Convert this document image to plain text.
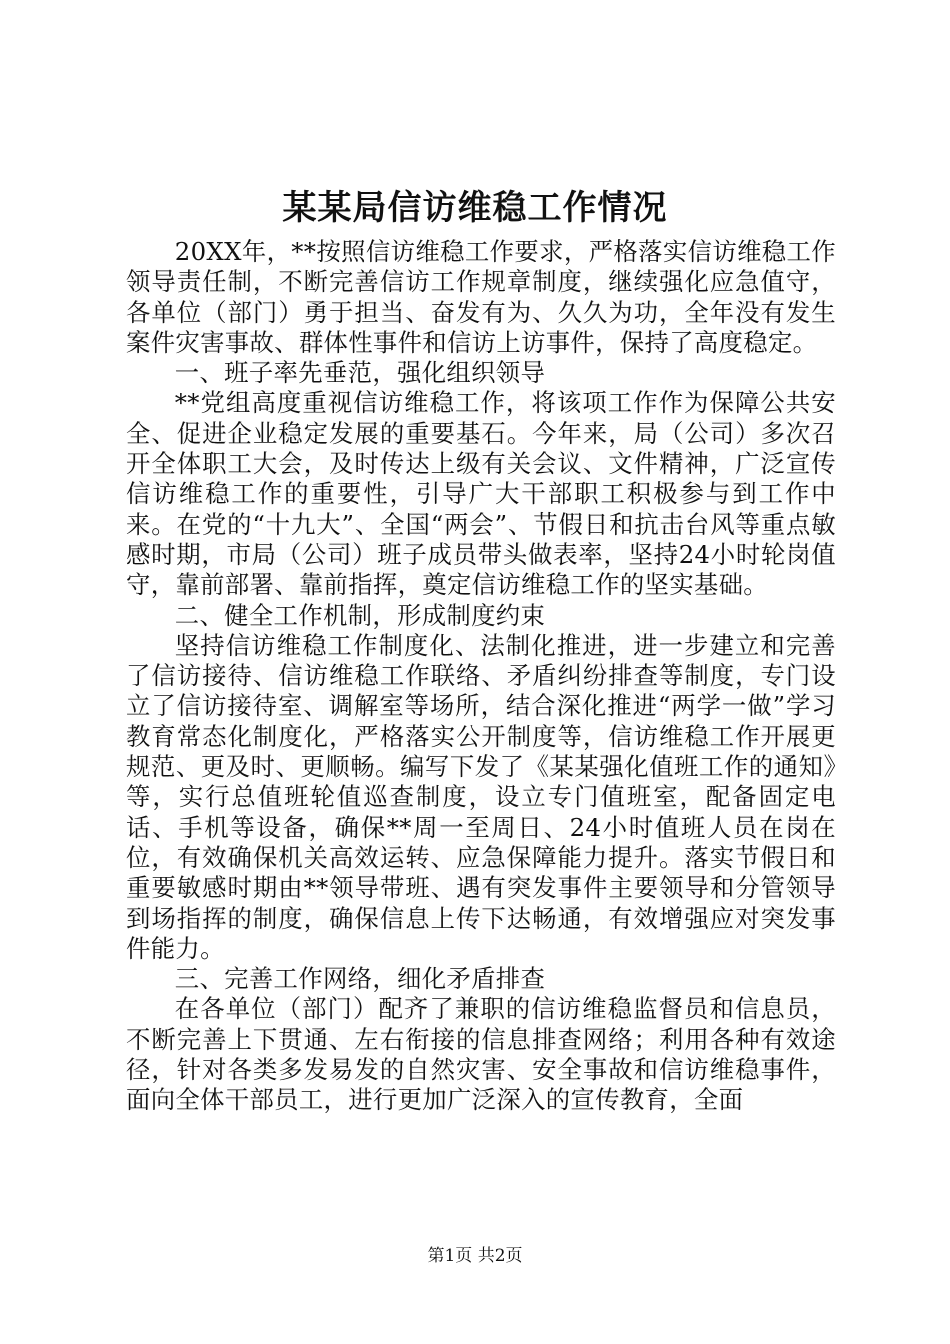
某某局信访维稳工作情况

20XX年，**按照信访维稳工作要求，严格落实信访维稳工作领导责任制，不断完善信访工作规章制度，继续强化应急值守，各单位（部门）勇于担当、奋发有为、久久为功，全年没有发生案件灾害事故、群体性事件和信访上访事件，保持了高度稳定。

一、班子率先垂范，强化组织领导

**党组高度重视信访维稳工作，将该项工作作为保障公共安全、促进企业稳定发展的重要基石。今年来，局（公司）多次召开全体职工大会，及时传达上级有关会议、文件精神，广泛宣传信访维稳工作的重要性，引导广大干部职工积极参与到工作中来。在党的“十九大”、全国“两会”、节假日和抗击台风等重点敏感时期，市局（公司）班子成员带头做表率，坚持24小时轮岗值守，靠前部署、靠前指挥，奠定信访维稳工作的坚实基础。

二、健全工作机制，形成制度约束

坚持信访维稳工作制度化、法制化推进，进一步建立和完善了信访接待、信访维稳工作联络、矛盾纠纷排查等制度，专门设立了信访接待室、调解室等场所，结合深化推进“两学一做”学习教育常态化制度化，严格落实公开制度等，信访维稳工作开展更规范、更及时、更顺畅。编写下发了《某某强化值班工作的通知》等，实行总值班轮值巡查制度，设立专门值班室，配备固定电话、手机等设备，确保**周一至周日、24小时值班人员在岗在位，有效确保机关高效运转、应急保障能力提升。落实节假日和重要敏感时期由**领导带班、遇有突发事件主要领导和分管领导到场指挥的制度，确保信息上传下达畅通，有效增强应对突发事件能力。

三、完善工作网络，细化矛盾排查

在各单位（部门）配齐了兼职的信访维稳监督员和信息员，不断完善上下贯通、左右衔接的信息排查网络；利用各种有效途径，针对各类多发易发的自然灾害、安全事故和信访维稳事件，面向全体干部员工，进行更加广泛深入的宣传教育，全面

第1页 共2页
